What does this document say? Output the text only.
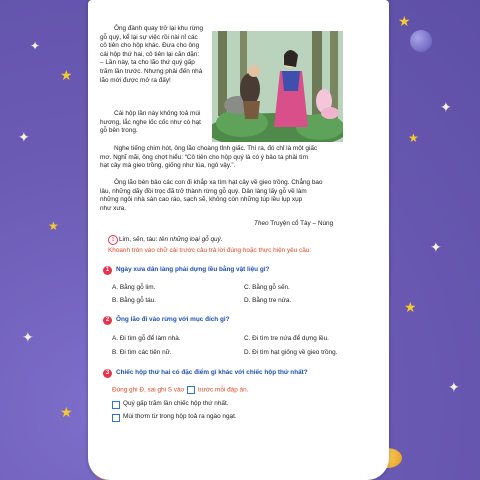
✦
★
✦
★
✦
★
★
✦
★
✦
★
✦
Ông đành quay trở lại khu rừng
gỗ quý, kể lại sự việc rồi nài nỉ các
cô tiên cho hộp khác. Đưa cho ông
cái hộp thứ hai, cô tiên lại căn dặn:
– Lần này, ta cho lão thứ quý gấp
trăm lần trước. Nhưng phải đến nhà
lão mới được mở ra đấy!
Cái hộp lần này không toả mùi
hương, lắc nghe lốc cốc như có hạt
gỗ bên trong.
Nghe tiếng chim hót, ông lão choàng tỉnh giấc. Thì ra, đó chỉ là một giấc
mơ. Nghĩ mãi, ông chợt hiểu: “Cô tiên cho hộp quý là có ý bảo ta phải tìm
hạt cây mà gieo trồng, giống như lúa, ngô vậy.”.
Ông lão bèn bảo các con đi khắp xa tìm hạt cây về gieo trồng. Chẳng bao
lâu, những dãy đồi trọc đã trở thành rừng gỗ quý. Dân làng lấy gỗ về làm
những ngôi nhà sàn cao ráo, sạch sẽ, không còn những túp lều lụp xụp
như xưa.
Theo Truyện cổ Tày – Nùng
1 Lim, sến, táu: tên những loại gỗ quý.
Khoanh tròn vào chữ cái trước câu trả lời đúng hoặc thực hiện yêu cầu:
1	Ngày xưa dân làng phải dựng lều bằng vật liệu gì?
A. Bằng gỗ lim.	C. Bằng gỗ sến.
B. Bằng gỗ táu.	D. Bằng tre nứa.
2	Ông lão đi vào rừng với mục đích gì?
A. Đi tìm gỗ để làm nhà.	C. Đi tìm tre nứa để dựng lều.
B. Đi tìm các tiên nữ.	D. Đi tìm hạt giống về gieo trồng.
3	Chiếc hộp thứ hai có đặc điểm gì khác với chiếc hộp thứ nhất?
Đúng ghi Đ, sai ghi S vào trước mỗi đáp án.
Quý gấp trăm lần chiếc hộp thứ nhất.
Mùi thơm từ trong hộp toả ra ngào ngạt.
